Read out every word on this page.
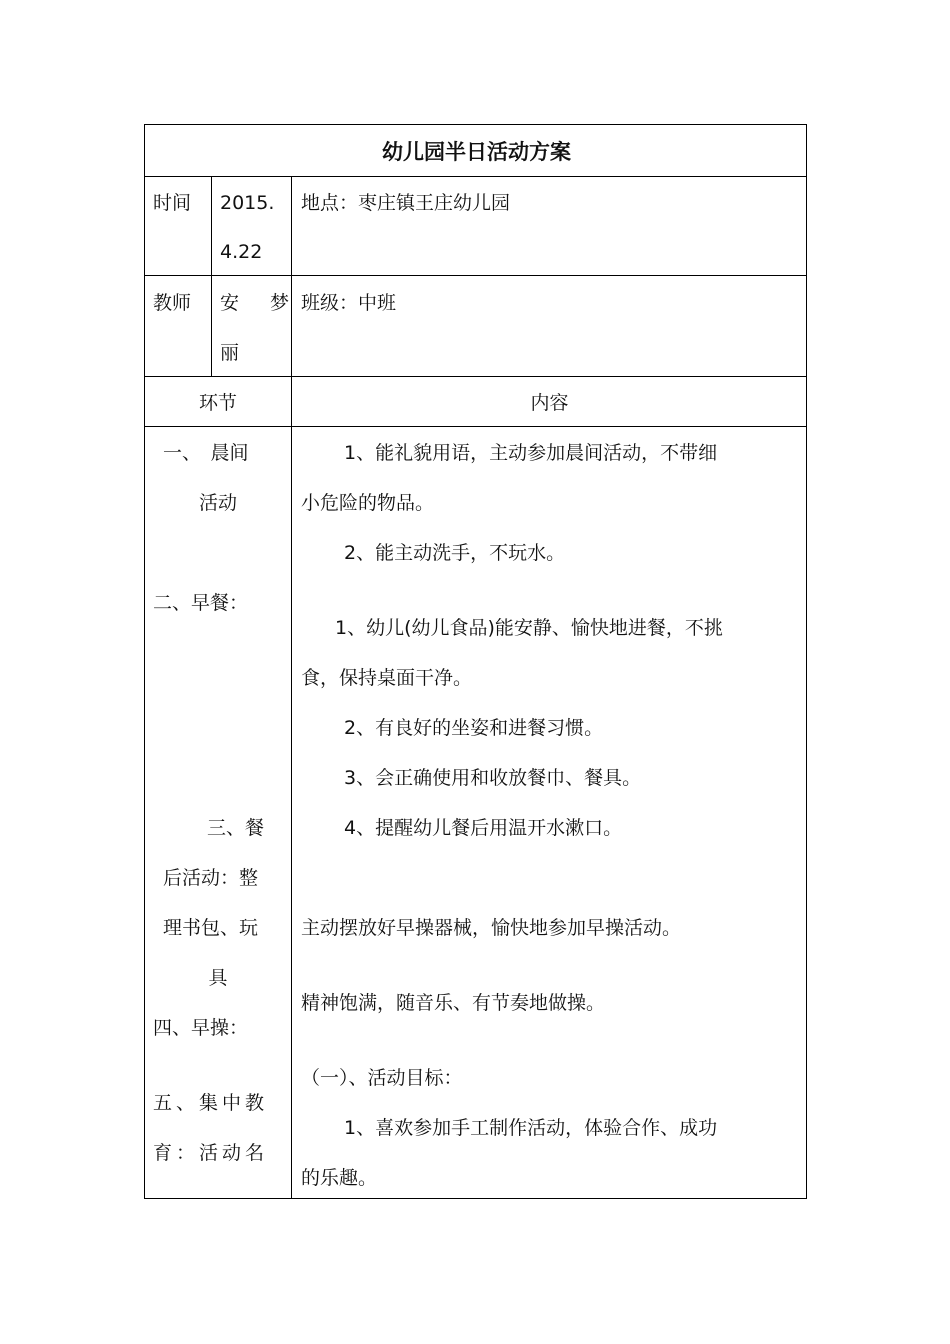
幼儿园半日活动方案
时间 2015.
4.22
地点：枣庄镇王庄幼儿园
教师 安　梦
丽
班级：中班
环节	内容
一、　晨间
活动
二、早餐：
三、餐
后活动：整
理书包、玩
具
四、早操：
五、集中教
育：活动名
1、能礼貌用语，主动参加晨间活动，不带细
小危险的物品。
2、能主动洗手，不玩水。
1、幼儿(幼儿食品)能安静、愉快地进餐，不挑
食，保持桌面干净。
2、有良好的坐姿和进餐习惯。
3、会正确使用和收放餐巾、餐具。
4、提醒幼儿餐后用温开水漱口。
主动摆放好早操器械，愉快地参加早操活动。
精神饱满，随音乐、有节奏地做操。
（一）、活动目标：
1、喜欢参加手工制作活动，体验合作、成功
的乐趣。
